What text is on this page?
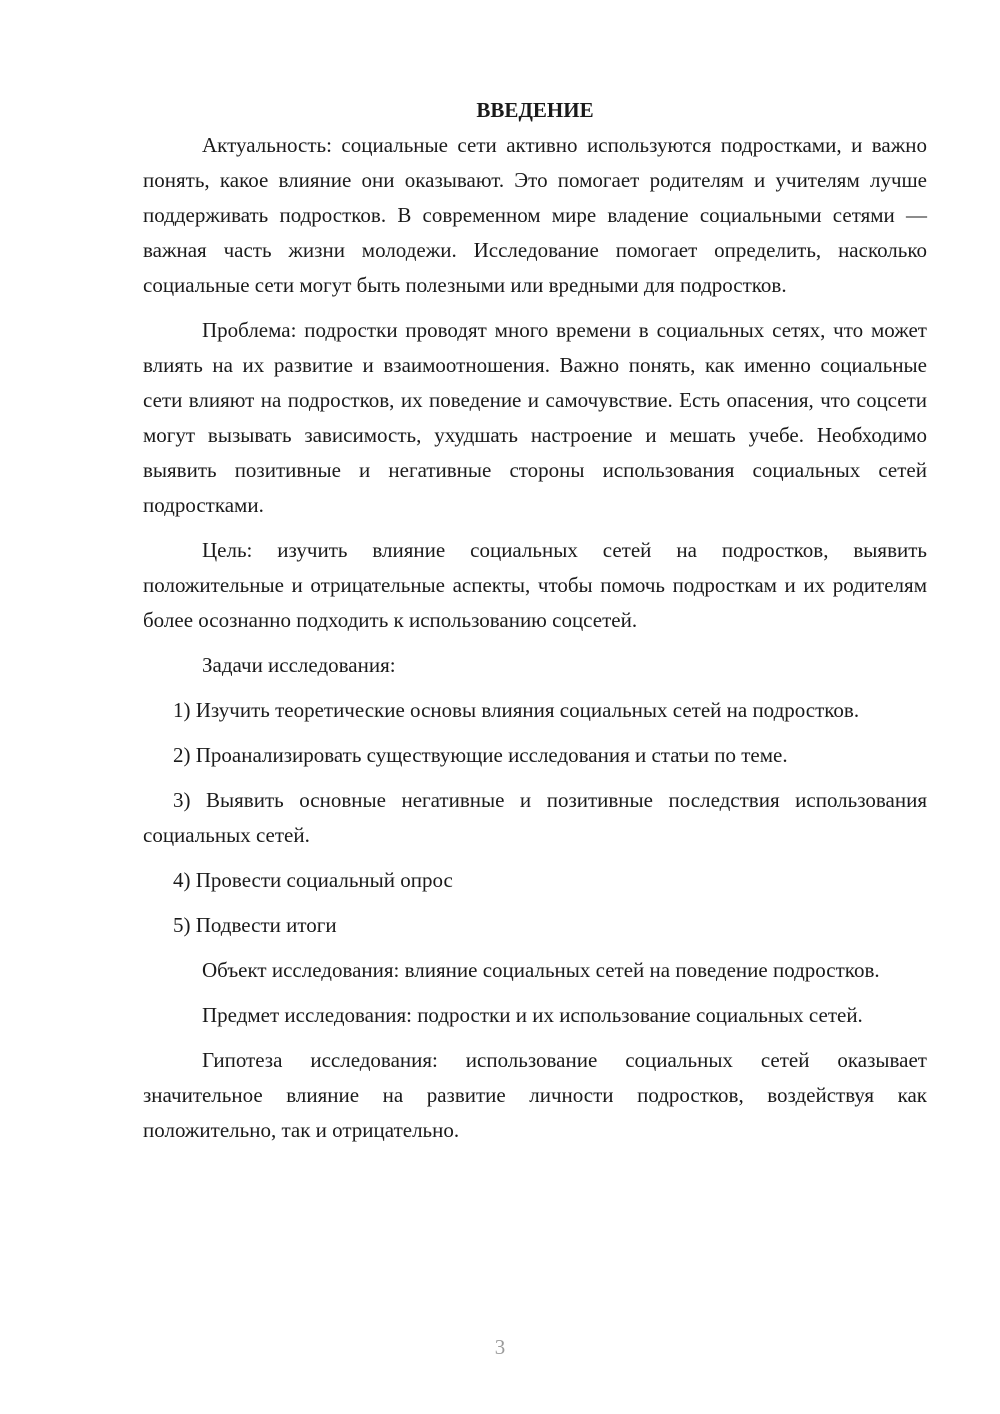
ВВЕДЕНИЕ

Актуальность: социальные сети активно используются подростками, и важно понять, какое влияние они оказывают. Это помогает родителям и учителям лучше поддерживать подростков. В современном мире владение социальными сетями — важная часть жизни молодежи. Исследование помогает определить, насколько социальные сети могут быть полезными или вредными для подростков.

Проблема: подростки проводят много времени в социальных сетях, что может влиять на их развитие и взаимоотношения. Важно понять, как именно социальные сети влияют на подростков, их поведение и самочувствие. Есть опасения, что соцсети могут вызывать зависимость, ухудшать настроение и мешать учебе. Необходимо выявить позитивные и негативные стороны использования социальных сетей подростками.

Цель: изучить влияние социальных сетей на подростков, выявить положительные и отрицательные аспекты, чтобы помочь подросткам и их родителям более осознанно подходить к использованию соцсетей.

Задачи исследования:

1) Изучить теоретические основы влияния социальных сетей на подростков.

2) Проанализировать существующие исследования и статьи по теме.

3) Выявить основные негативные и позитивные последствия использования социальных сетей.

4) Провести социальный опрос

5) Подвести итоги

Объект исследования: влияние социальных сетей на поведение подростков.

Предмет исследования: подростки и их использование социальных сетей.

Гипотеза исследования: использование социальных сетей оказывает значительное влияние на развитие личности подростков, воздействуя как положительно, так и отрицательно.

3
